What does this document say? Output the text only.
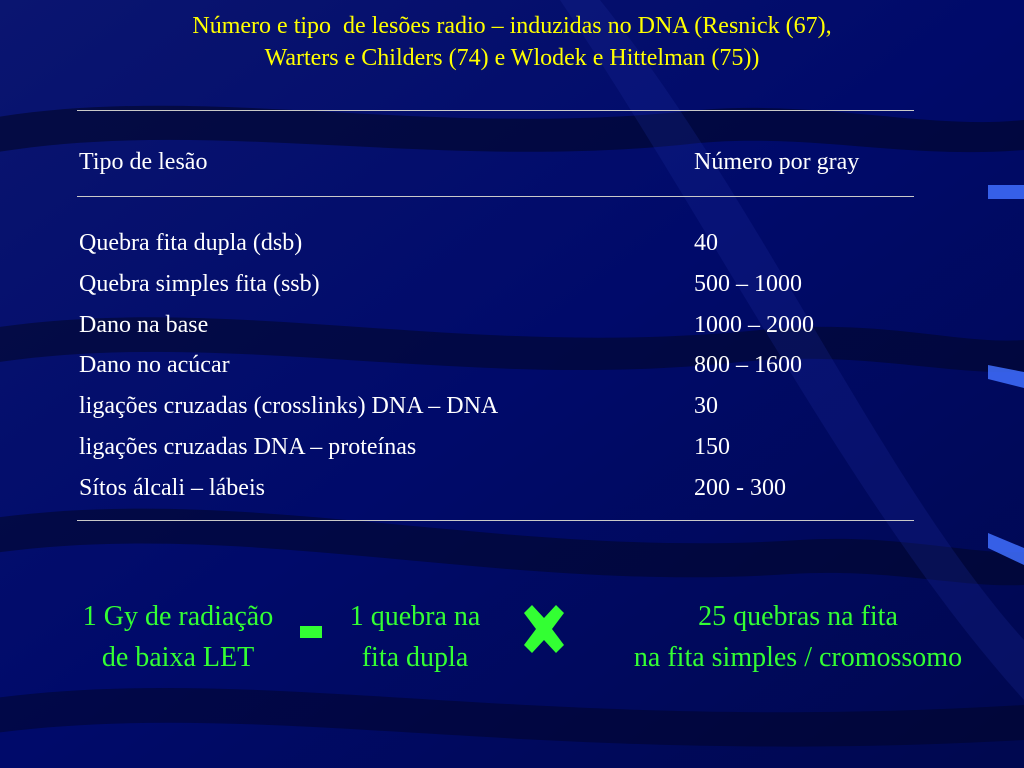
Número e tipo  de lesões radio – induzidas no DNA (Resnick (67),
Warters e Childers (74) e Wlodek e Hittelman (75))
Tipo de lesão	Número por gray
Quebra fita dupla (dsb)	40
Quebra simples fita (ssb)	500 – 1000
Dano na base	1000 – 2000
Dano no acúcar	800 – 1600
ligações cruzadas (crosslinks) DNA – DNA	30
ligações cruzadas DNA – proteínas	150
Sítos álcali – lábeis	200 - 300
1 Gy de radiação
de baixa LET
1 quebra na
fita dupla
25 quebras na fita
na fita simples / cromossomo
